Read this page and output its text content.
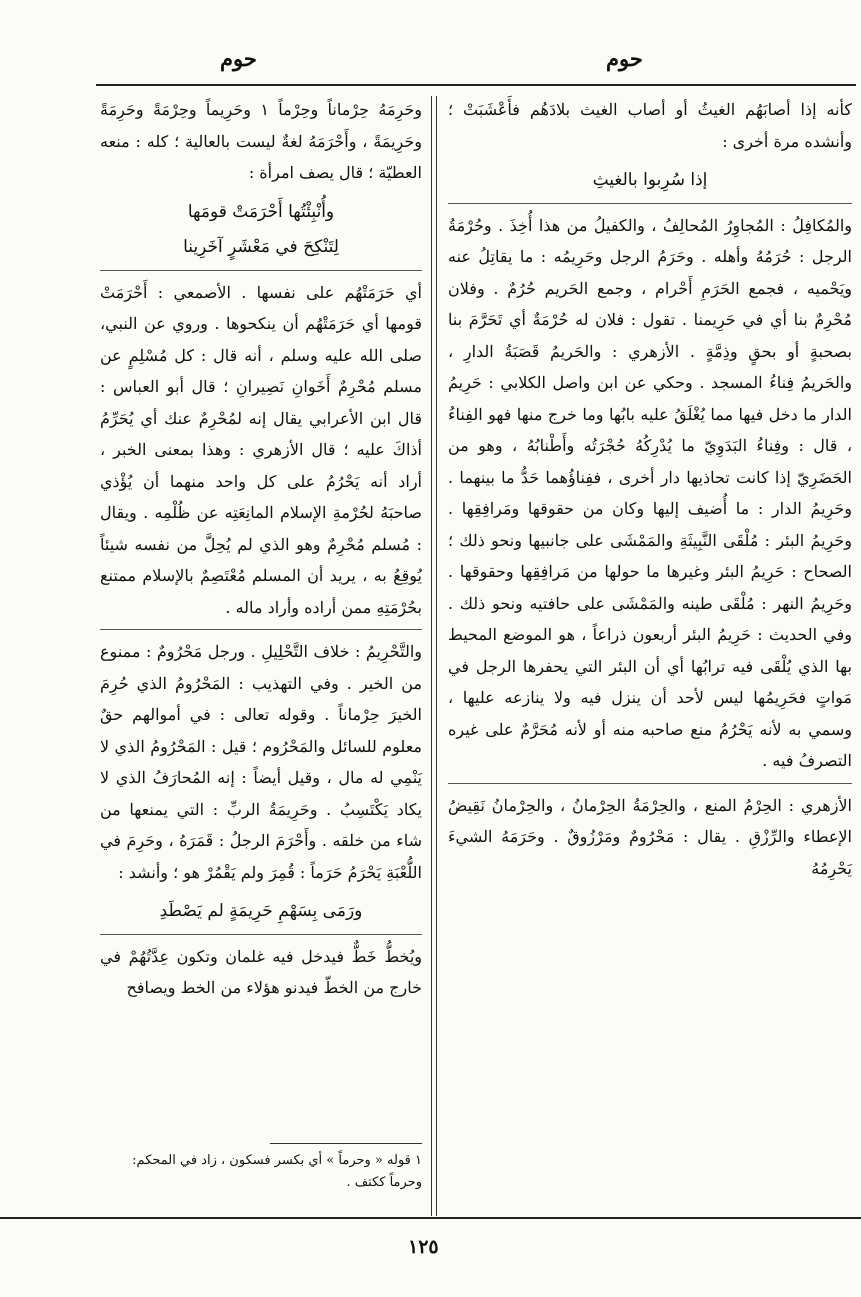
حوم
حوم

كأنه إذا أصابَهُم الغيثُ أو أصاب الغيث بلادَهُم فأَعْشَبَتْ ؛ وأنشده مرة أخرى :

إذا سُرِبوا بالغيثِ

والمُكافِلُ : المُجاوِرُ المُحالِفُ ، والكفيلُ من هذا أُخِذَ . وحُرْمَةُ الرجل : حُرَمُهُ وأهله . وحَرَمُ الرجل وحَرِيمُه : ما يقاتِلُ عنه ويَحْميه ، فجمع الحَرَمِ أَحْرام ، وجمع الحَريم حُرُمٌ . وفلان مُحْرِمٌ بنا أي في حَرِيمنا . تقول : فلان له حُرْمَةٌ أي تَحَرَّمَ بنا بصحبةٍ أو بحقٍ وذِمَّةٍ . الأزهري : والحَريمُ قَصَبَةُ الدارِ ، والحَريمُ فِناءُ المسجد . وحكي عن ابن واصل الكلابي : حَرِيمُ الدار ما دخل فيها مما يُغْلَقُ عليه بابُها وما خرج منها فهو الفِناءُ ، قال : وفِناءُ البَدَوِيّ ما يُدْرِكُهُ حُجْرَتُه وأَطْنابُهُ ، وهو من الحَضَرِيّ إذا كانت تحاذيها دار أخرى ، ففِناؤُهما حَدُّ ما بينهما . وحَرِيمُ الدار : ما أُضيف إليها وكان من حقوقها ومَرافِقِها . وحَرِيمُ البئر : مُلْقَى النَّبِيثَةِ والمَمْشَى على جانبيها ونحو ذلك ؛ الصحاح : حَرِيمُ البئر وغيرها ما حولها من مَرافِقِها وحقوقها . وحَرِيمُ النهر : مُلْقَى طينه والمَمْشَى على حافتيه ونحو ذلك . وفي الحديث : حَرِيمُ البئر أربعون ذراعاً ، هو الموضع المحيط بها الذي يُلْقَى فيه ترابُها أي أن البئر التي يحفرها الرجل في مَواتٍ فحَرِيمُها ليس لأحد أن ينزل فيه ولا ينازعه عليها ، وسمي به لأنه يَحْرُمُ منع صاحبه منه أو لأنه مُحَرَّمٌ على غيره التصرفُ فيه .

الأزهري : الحِرْمُ المنع ، والحِرْمَةُ الحِرْمانُ ، والحِرْمانُ نَقِيضُ الإعطاء والرِّزْقِ . يقال : مَحْرُومٌ ومَرْزُوقٌ . وحَرَمَهُ الشيءَ يَحْرِمُهُ

وحَرِمَهُ حِرْماناً وحِرْماً ١ وحَرِيماً وحِرْمَةً وحَرِمَةً وحَرِيمَةً ، وأَحْرَمَهُ لغةٌ ليست بالعالية ؛ كله : منعه العطيّة ؛ قال يصف امرأة :

وأُنْبِئْتُها أَحْرَمَتْ قومَها

لِتَنْكِحَ في مَعْشَرٍ آخَرِينا

أي حَرَمَتْهُم على نفسها . الأصمعي : أَحْرَمَتْ قومها أي حَرَمَتْهُم أن ينكحوها . وروي عن النبي، صلى الله عليه وسلم ، أنه قال : كل مُسْلِمٍ عن مسلم مُحْرِمٌ أَخَوانِ نَصِيرانِ ؛ قال أبو العباس : قال ابن الأعرابي يقال إنه لمُحْرِمٌ عنك أي يُحَرِّمُ أذاكَ عليه ؛ قال الأزهري : وهذا بمعنى الخبر ، أراد أنه يَحْرُمُ على كل واحد منهما أن يُؤْذي صاحبَهُ لحُرْمةِ الإسلام المانِعَتِه عن ظُلْمِه . ويقال : مُسلم مُحْرِمٌ وهو الذي لم يُحِلَّ من نفسه شيئاً يُوقِعُ به ، يريد أن المسلم مُعْتَصِمٌ بالإسلام ممتنع بحُرْمَتِهِ ممن أراده وأراد ماله .

والتَّحْرِيمُ : خلاف التَّحْلِيلِ . ورجل مَحْرُومٌ : ممنوع من الخير . وفي التهذيب : المَحْرُومُ الذي حُرِمَ الخيرَ حِرْماناً . وقوله تعالى : في أموالهم حقٌ معلوم للسائل والمَحْرُوم ؛ قيل : المَحْرُومُ الذي لا يَنْمِي له مال ، وقيل أيضاً : إنه المُحارَفُ الذي لا يكاد يَكْتَسِبُ . وحَرِيمَةُ الربِّ : التي يمنعها من شاء من خلقه . وأَحْرَمَ الرجلُ : قَمَرَهُ ، وحَرِمَ في اللُّعْبَةِ يَحْرَمُ حَرَماً : قُمِرَ ولم يَقْمُرْ هو ؛ وأنشد :

ورَمَى بِسَهْمِ حَرِيمَةٍ لم يَصْطَدِ

ويُخطُّ خَطٌّ فيدخل فيه غلمان وتكون عِدَّتُهُمْ في خارج من الخطّ فيدنو هؤلاء من الخط ويصافح

١ قوله « وحرماً » أي بكسر فسكون ، زاد في المحكم: وحرماً ككتف .
١٢٥
